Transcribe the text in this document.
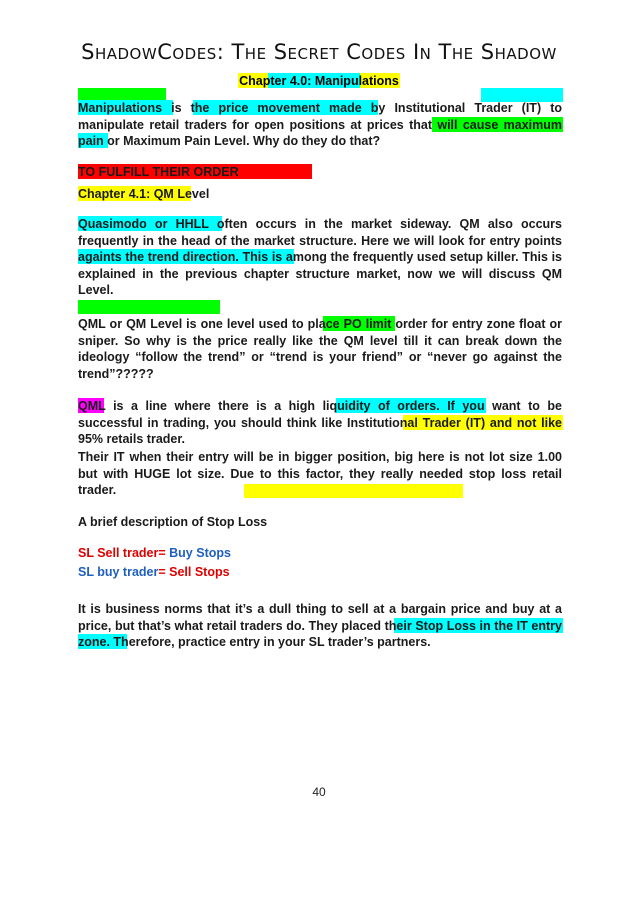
ShadowCodes: The Secret Codes In The Shadow
Chapter 4.0: Manipulations
Manipulations is the price movement made by Institutional Trader (IT) to manipulate retail traders for open positions at prices that will cause maximum pain or Maximum Pain Level. Why do they do that?
TO FULFILL THEIR ORDER
Chapter 4.1: QM Level
Quasimodo or HHLL often occurs in the market sideway. QM also occurs frequently in the head of the market structure. Here we will look for entry points againts the trend direction. This is among the frequently used setup killer. This is explained in the previous chapter structure market, now we will discuss QM Level.
QML or QM Level is one level used to place PO limit order for entry zone float or sniper. So why is the price really like the QM level till it can break down the ideology “follow the trend” or “trend is your friend” or “never go against the trend”?????
QML is a line where there is a high liquidity of orders. If you want to be successful in trading, you should think like Institutional Trader (IT) and not like 95% retails trader.
Their IT when their entry will be in bigger position, big here is not lot size 1.00 but with HUGE lot size. Due to this factor, they really needed stop loss retail trader.
A brief description of Stop Loss
SL Sell trader= Buy Stops
SL buy trader= Sell Stops
It is business norms that it’s a dull thing to sell at a bargain price and buy at a price, but that’s what retail traders do. They placed their Stop Loss in the IT entry zone. Therefore, practice entry in your SL trader’s partners.
40
